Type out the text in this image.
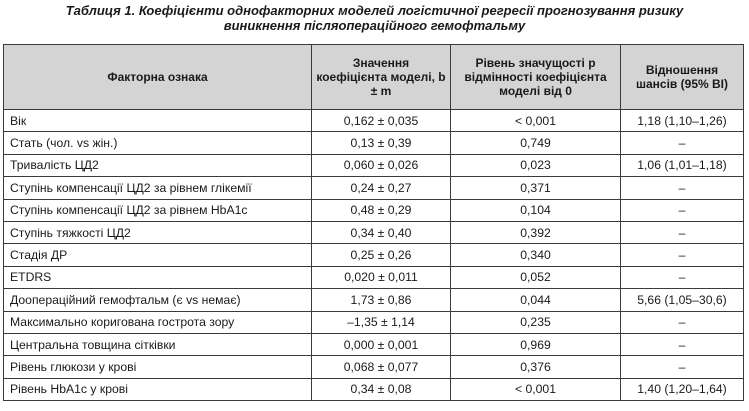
Таблиця 1. Коефіцієнти однофакторних моделей логістичної регресії прогнозування ризику
виникнення післяопераційного гемофтальму
Факторна ознака	Значення коефіцієнта моделі, b ± m	Рівень значущості p відмінності коефіцієнта моделі від 0	Відношення шансів (95% ВІ)
Вік	0,162 ± 0,035	< 0,001	1,18 (1,10–1,26)
Стать (чол. vs жін.)	0,13 ± 0,39	0,749	–
Тривалість ЦД2	0,060 ± 0,026	0,023	1,06 (1,01–1,18)
Ступінь компенсації ЦД2 за рівнем глікемії	0,24 ± 0,27	0,371	–
Ступінь компенсації ЦД2 за рівнем HbA1c	0,48 ± 0,29	0,104	–
Ступінь тяжкості ЦД2	0,34 ± 0,40	0,392	–
Стадія ДР	0,25 ± 0,26	0,340	–
ETDRS	0,020 ± 0,011	0,052	–
Доопераційний гемофтальм (є vs немає)	1,73 ± 0,86	0,044	5,66 (1,05–30,6)
Максимально коригована гострота зору	–1,35 ± 1,14	0,235	–
Центральна товщина сітківки	0,000 ± 0,001	0,969	–
Рівень глюкози у крові	0,068 ± 0,077	0,376	–
Рівень HbA1c у крові	0,34 ± 0,08	< 0,001	1,40 (1,20–1,64)
